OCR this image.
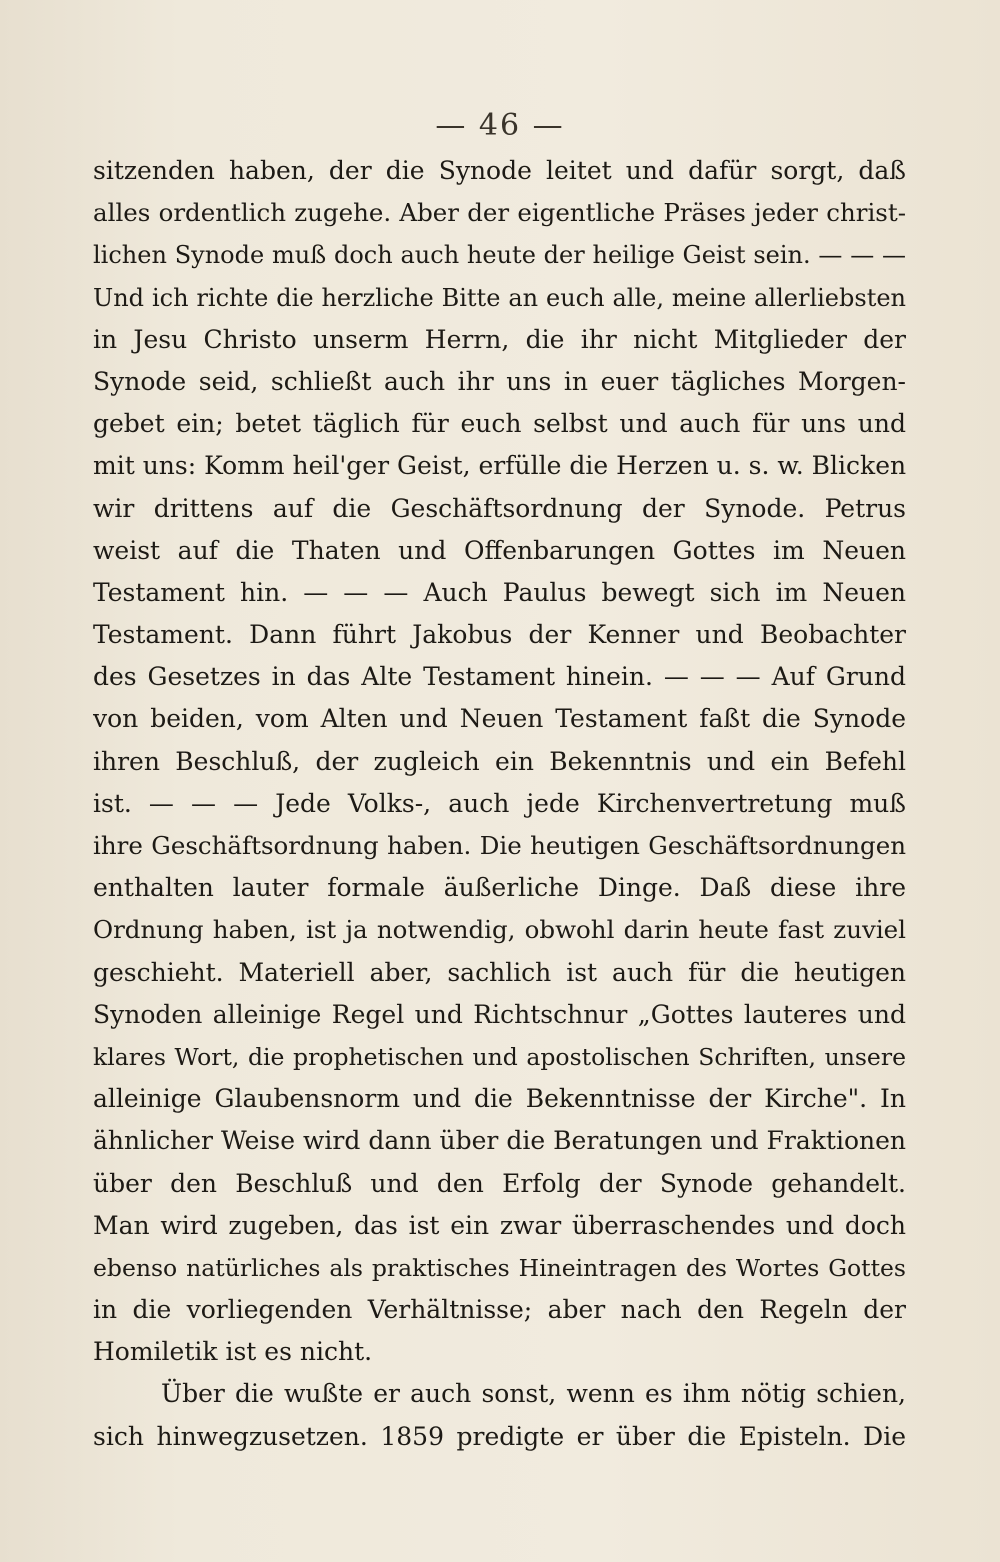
— 46 —
sitzenden haben, der die Synode leitet und dafür sorgt, daß
alles ordentlich zugehe. Aber der eigentliche Präses jeder christ-
lichen Synode muß doch auch heute der heilige Geist sein. — — —
Und ich richte die herzliche Bitte an euch alle, meine allerliebsten
in Jesu Christo unserm Herrn, die ihr nicht Mitglieder der
Synode seid, schließt auch ihr uns in euer tägliches Morgen-
gebet ein; betet täglich für euch selbst und auch für uns und
mit uns: Komm heil'ger Geist, erfülle die Herzen u. s. w. Blicken
wir drittens auf die Geschäftsordnung der Synode. Petrus
weist auf die Thaten und Offenbarungen Gottes im Neuen
Testament hin. — — — Auch Paulus bewegt sich im Neuen
Testament. Dann führt Jakobus der Kenner und Beobachter
des Gesetzes in das Alte Testament hinein. — — — Auf Grund
von beiden, vom Alten und Neuen Testament faßt die Synode
ihren Beschluß, der zugleich ein Bekenntnis und ein Befehl
ist. — — — Jede Volks-, auch jede Kirchenvertretung muß
ihre Geschäftsordnung haben. Die heutigen Geschäftsordnungen
enthalten lauter formale äußerliche Dinge. Daß diese ihre
Ordnung haben, ist ja notwendig, obwohl darin heute fast zuviel
geschieht. Materiell aber, sachlich ist auch für die heutigen
Synoden alleinige Regel und Richtschnur „Gottes lauteres und
klares Wort, die prophetischen und apostolischen Schriften, unsere
alleinige Glaubensnorm und die Bekenntnisse der Kirche". In
ähnlicher Weise wird dann über die Beratungen und Fraktionen
über den Beschluß und den Erfolg der Synode gehandelt.
Man wird zugeben, das ist ein zwar überraschendes und doch
ebenso natürliches als praktisches Hineintragen des Wortes Gottes
in die vorliegenden Verhältnisse; aber nach den Regeln der
Homiletik ist es nicht.
Über die wußte er auch sonst, wenn es ihm nötig schien,
sich hinwegzusetzen. 1859 predigte er über die Episteln. Die
